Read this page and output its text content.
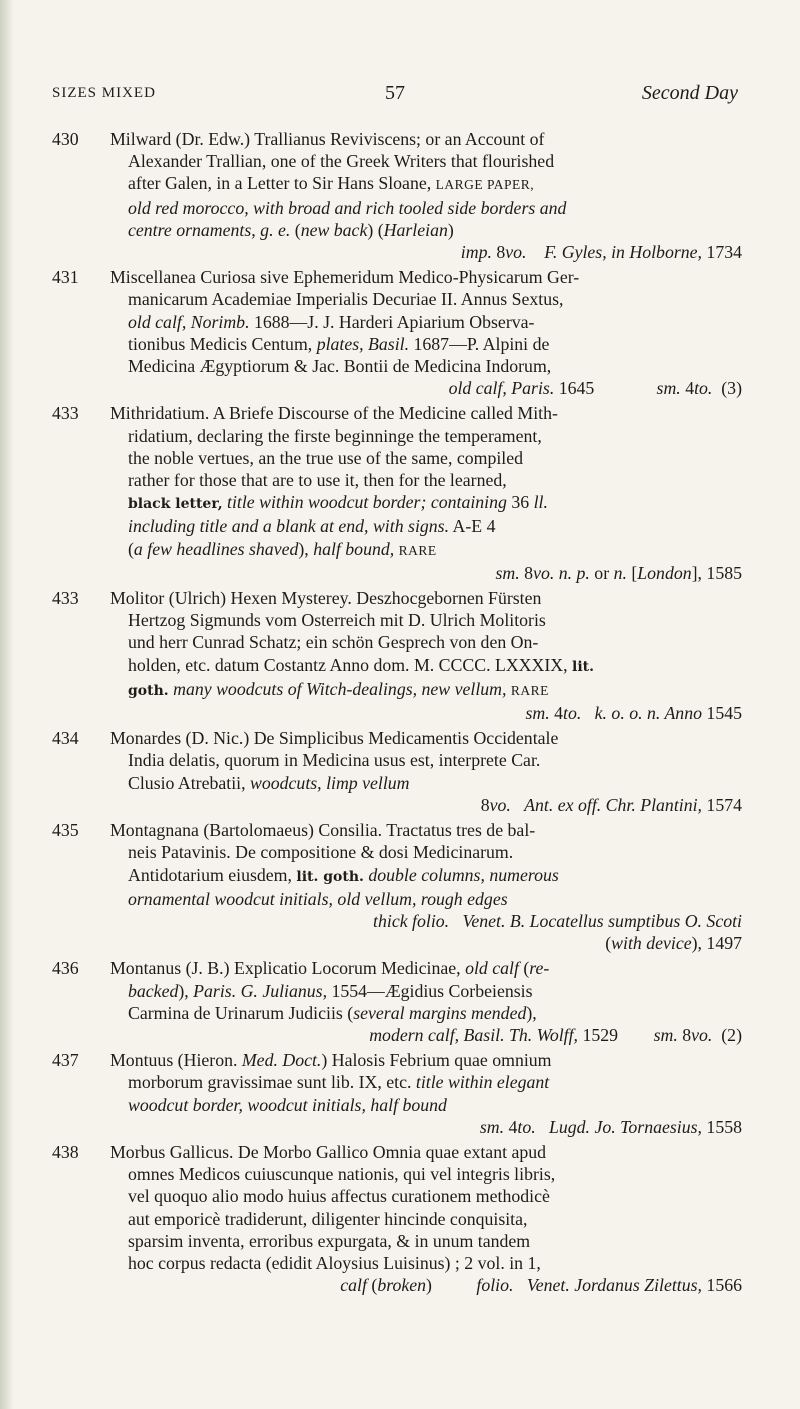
SIZES MIXED	57	Second Day
430 Milward (Dr. Edw.) Trallianus Reviviscens; or an Account of
Alexander Trallian, one of the Greek Writers that flourished
after Galen, in a Letter to Sir Hans Sloane, LARGE PAPER,
old red morocco, with broad and rich tooled side borders and
centre ornaments, g. e. (new back) (Harleian)
imp. 8vo. F. Gyles, in Holborne, 1734
431 Miscellanea Curiosa sive Ephemeridum Medico-Physicarum Ger-
manicarum Academiae Imperialis Decuriae II. Annus Sextus,
old calf, Norimb. 1688—J. J. Harderi Apiarium Observa-
tionibus Medicis Centum, plates, Basil. 1687—P. Alpini de
Medicina Ægyptiorum & Jac. Bontii de Medicina Indorum,
old calf, Paris. 1645	sm. 4to.  (3)
433 Mithridatium. A Briefe Discourse of the Medicine called Mith-
ridatium, declaring the firste beginninge the temperament,
the noble vertues, an the true use of the same, compiled
rather for those that are to use it, then for the learned,
black letter, title within woodcut border; containing 36 ll.
including title and a blank at end, with signs. A-E 4
(a few headlines shaved), half bound, RARE
sm. 8vo. n. p. or n. [London], 1585
433 Molitor (Ulrich) Hexen Mysterey. Deszhocgebornen Fürsten
Hertzog Sigmunds vom Osterreich mit D. Ulrich Molitoris
und herr Cunrad Schatz; ein schön Gesprech von den On-
holden, etc. datum Costantz Anno dom. M. CCCC. LXXXIX, lit.
goth. many woodcuts of Witch-dealings, new vellum, RARE
sm. 4to. k. o. o. n. Anno 1545
434 Monardes (D. Nic.) De Simplicibus Medicamentis Occidentale
India delatis, quorum in Medicina usus est, interprete Car.
Clusio Atrebatii, woodcuts, limp vellum
8vo. Ant. ex off. Chr. Plantini, 1574
435 Montagnana (Bartolomaeus) Consilia. Tractatus tres de bal-
neis Patavinis. De compositione & dosi Medicinarum.
Antidotarium eiusdem, lit. goth. double columns, numerous
ornamental woodcut initials, old vellum, rough edges
thick folio. Venet. B. Locatellus sumptibus O. Scoti
(with device), 1497
436 Montanus (J. B.) Explicatio Locorum Medicinae, old calf (re-
backed), Paris. G. Julianus, 1554—Ægidius Corbeiensis
Carmina de Urinarum Judiciis (several margins mended),
modern calf, Basil. Th. Wolff, 1529 sm. 8vo.  (2)
437 Montuus (Hieron. Med. Doct.) Halosis Febrium quae omnium
morborum gravissimae sunt lib. IX, etc. title within elegant
woodcut border, woodcut initials, half bound
sm. 4to. Lugd. Jo. Tornaesius, 1558
438 Morbus Gallicus. De Morbo Gallico Omnia quae extant apud
omnes Medicos cuiuscunque nationis, qui vel integris libris,
vel quoquo alio modo huius affectus curationem methodicè
aut emporicè tradiderunt, diligenter hincinde conquisita,
sparsim inventa, erroribus expurgata, & in unum tandem
hoc corpus redacta (edidit Aloysius Luisinus) ; 2 vol. in 1,
calf (broken) folio. Venet. Jordanus Zilettus, 1566
